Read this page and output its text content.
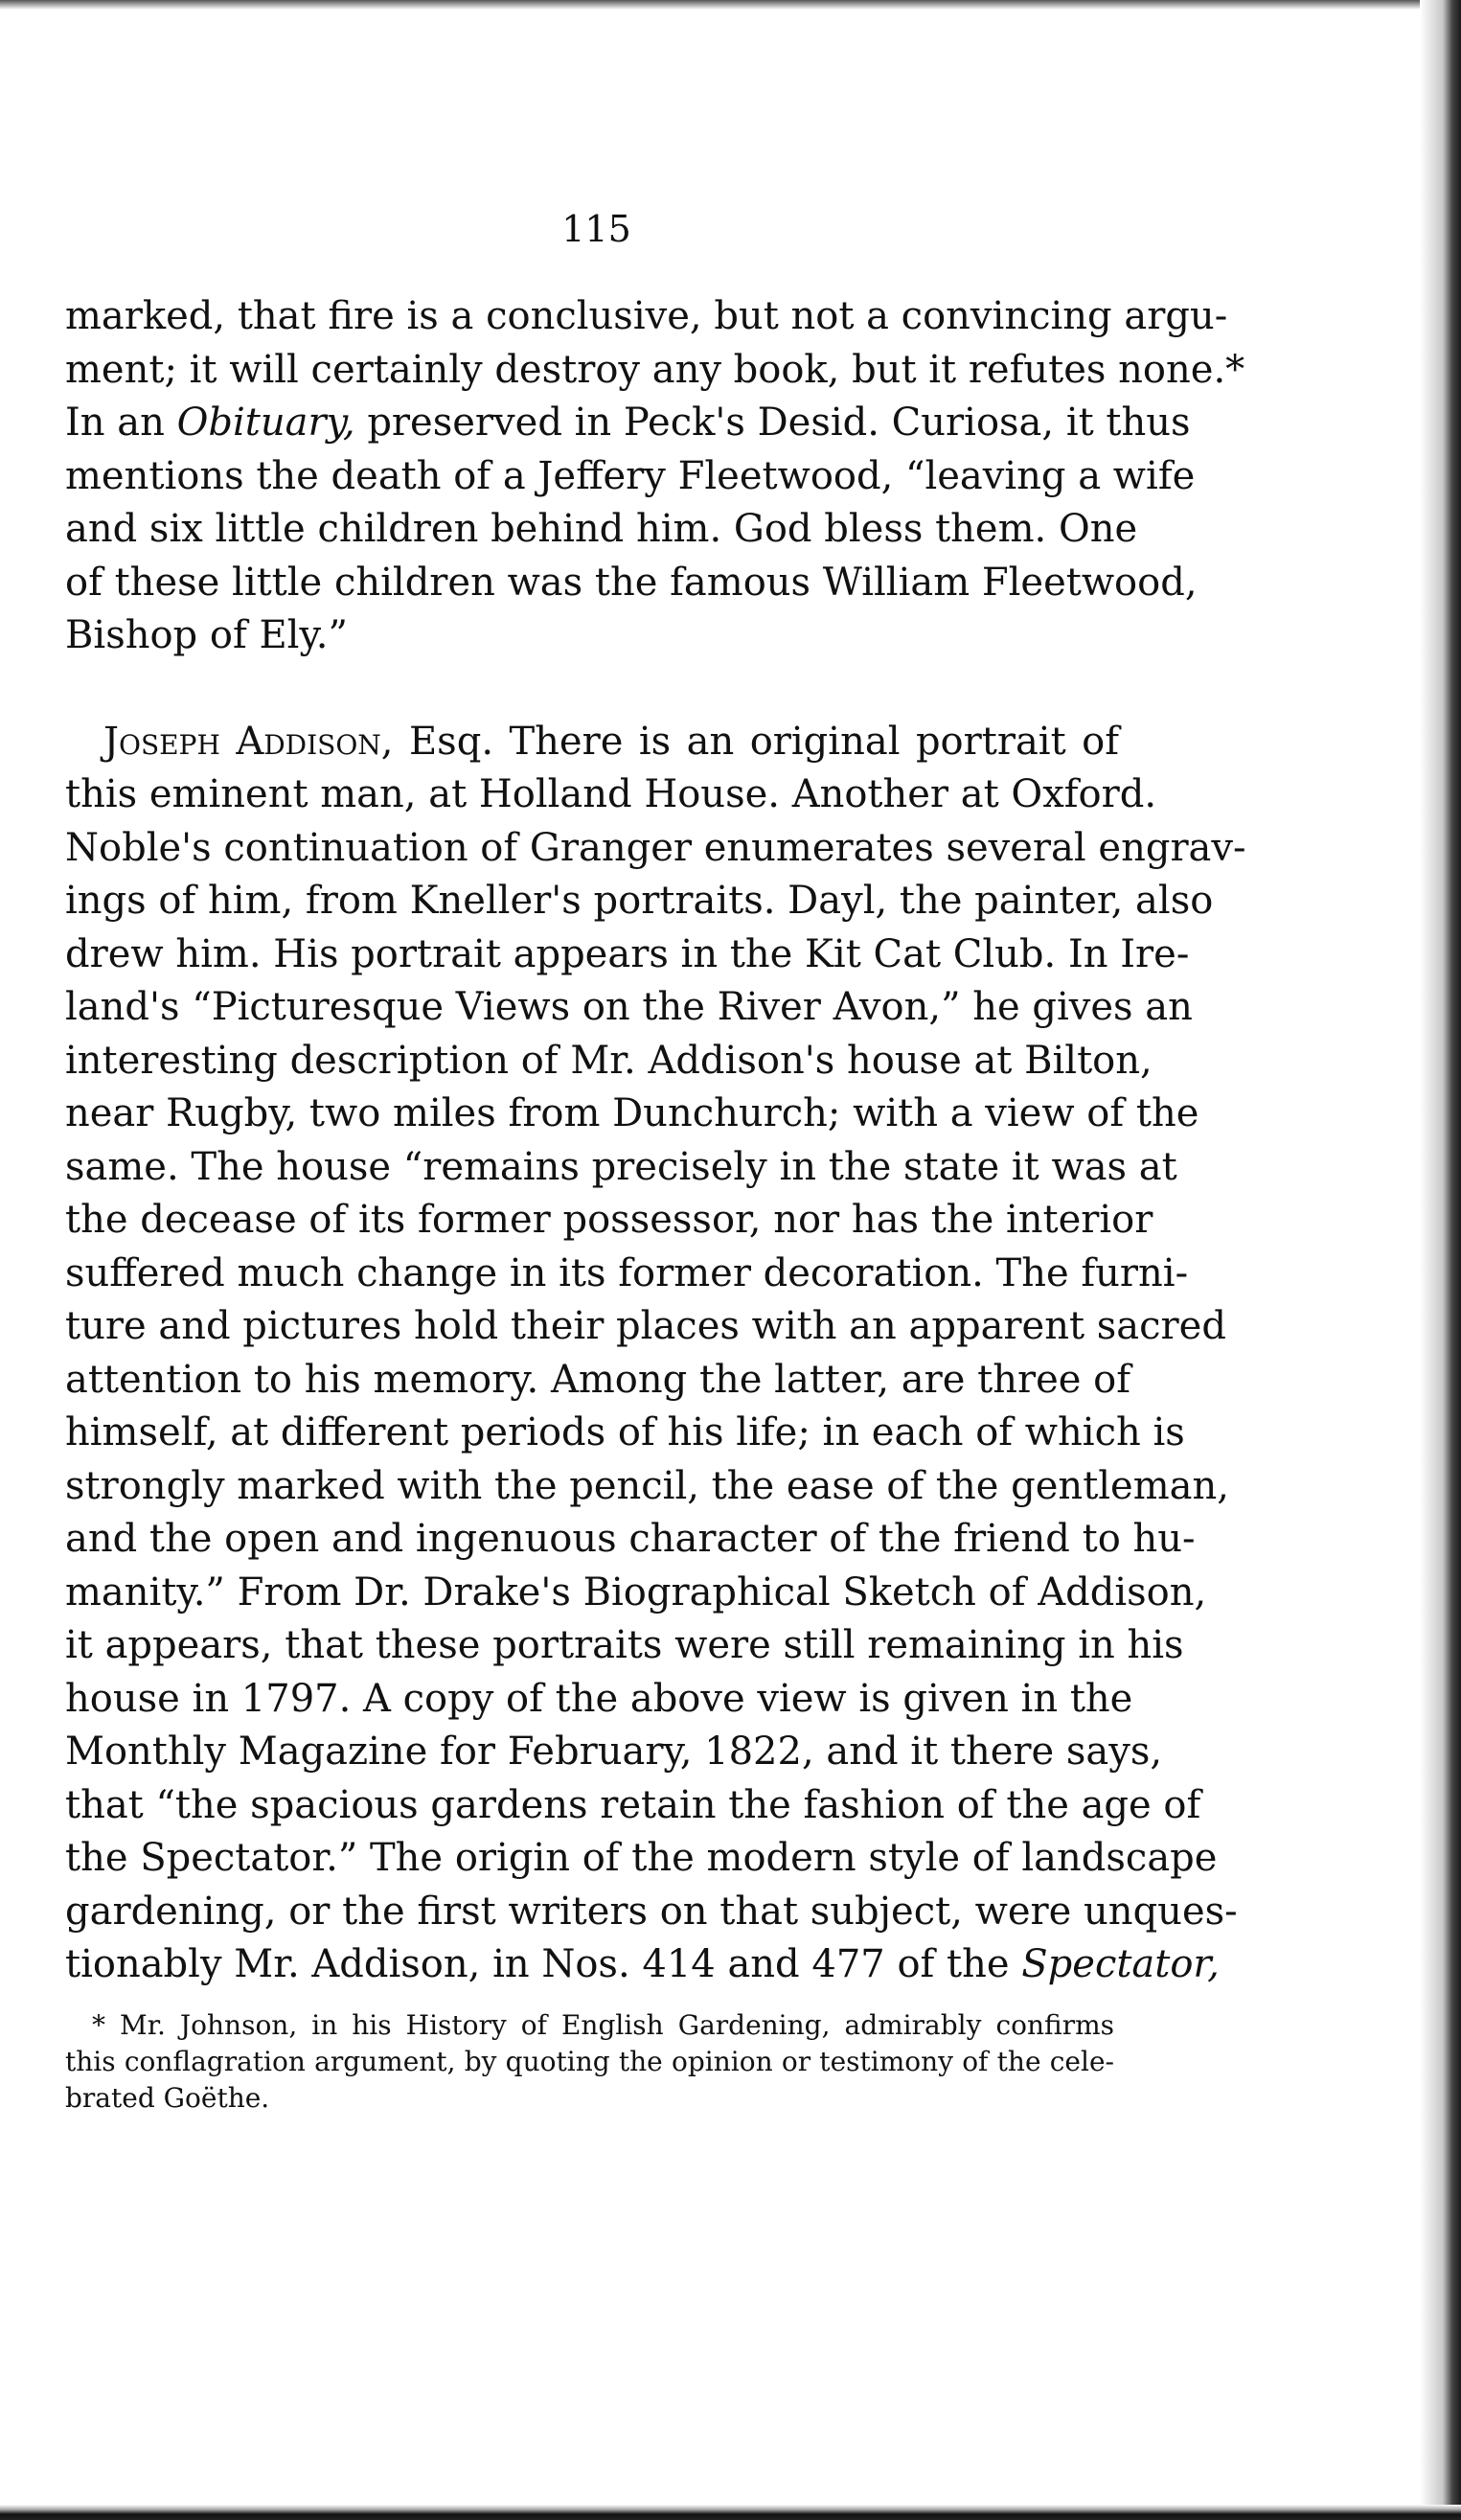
115
marked, that fire is a conclusive, but not a convincing argu-
ment; it will certainly destroy any book, but it refutes none.*
In an Obituary, preserved in Peck's Desid. Curiosa, it thus
mentions the death of a Jeffery Fleetwood, “leaving a wife
and six little children behind him. God bless them. One
of these little children was the famous William Fleetwood,
Bishop of Ely.”
Joseph Addison, Esq. There is an original portrait of
this eminent man, at Holland House. Another at Oxford.
Noble's continuation of Granger enumerates several engrav-
ings of him, from Kneller's portraits. Dayl, the painter, also
drew him. His portrait appears in the Kit Cat Club. In Ire-
land's “Picturesque Views on the River Avon,” he gives an
interesting description of Mr. Addison's house at Bilton,
near Rugby, two miles from Dunchurch; with a view of the
same. The house “remains precisely in the state it was at
the decease of its former possessor, nor has the interior
suffered much change in its former decoration. The furni-
ture and pictures hold their places with an apparent sacred
attention to his memory. Among the latter, are three of
himself, at different periods of his life; in each of which is
strongly marked with the pencil, the ease of the gentleman,
and the open and ingenuous character of the friend to hu-
manity.” From Dr. Drake's Biographical Sketch of Addison,
it appears, that these portraits were still remaining in his
house in 1797. A copy of the above view is given in the
Monthly Magazine for February, 1822, and it there says,
that “the spacious gardens retain the fashion of the age of
the Spectator.” The origin of the modern style of landscape
gardening, or the first writers on that subject, were unques-
tionably Mr. Addison, in Nos. 414 and 477 of the Spectator,
* Mr. Johnson, in his History of English Gardening, admirably confirms
this conflagration argument, by quoting the opinion or testimony of the cele-
brated Goëthe.
